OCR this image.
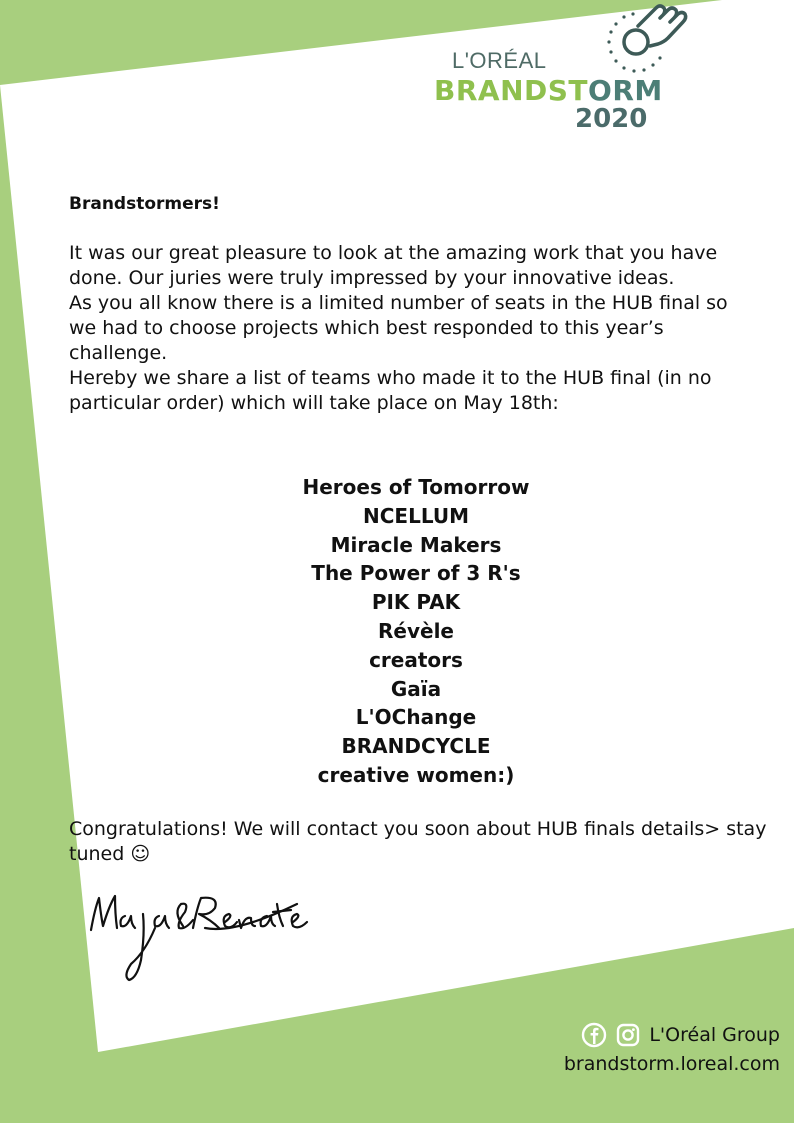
L'ORÉAL
BRANDSTORM
2020

Brandstormers!

It was our great pleasure to look at the amazing work that you have done. Our juries were truly impressed by your innovative ideas.

As you all know there is a limited number of seats in the HUB final so we had to choose projects which best responded to this year’s challenge.

Hereby we share a list of teams who made it to the HUB final (in no particular order) which will take place on May 18th:

Heroes of Tomorrow
NCELLUM
Miracle Makers
The Power of 3 R's
PIK PAK
Révèle
creators
Gaïa
L'OChange
BRANDCYCLE
creative women:)
Congratulations! We will contact you soon about HUB finals details> stay tuned ☺
L'Oréal Group
brandstorm.loreal.com
